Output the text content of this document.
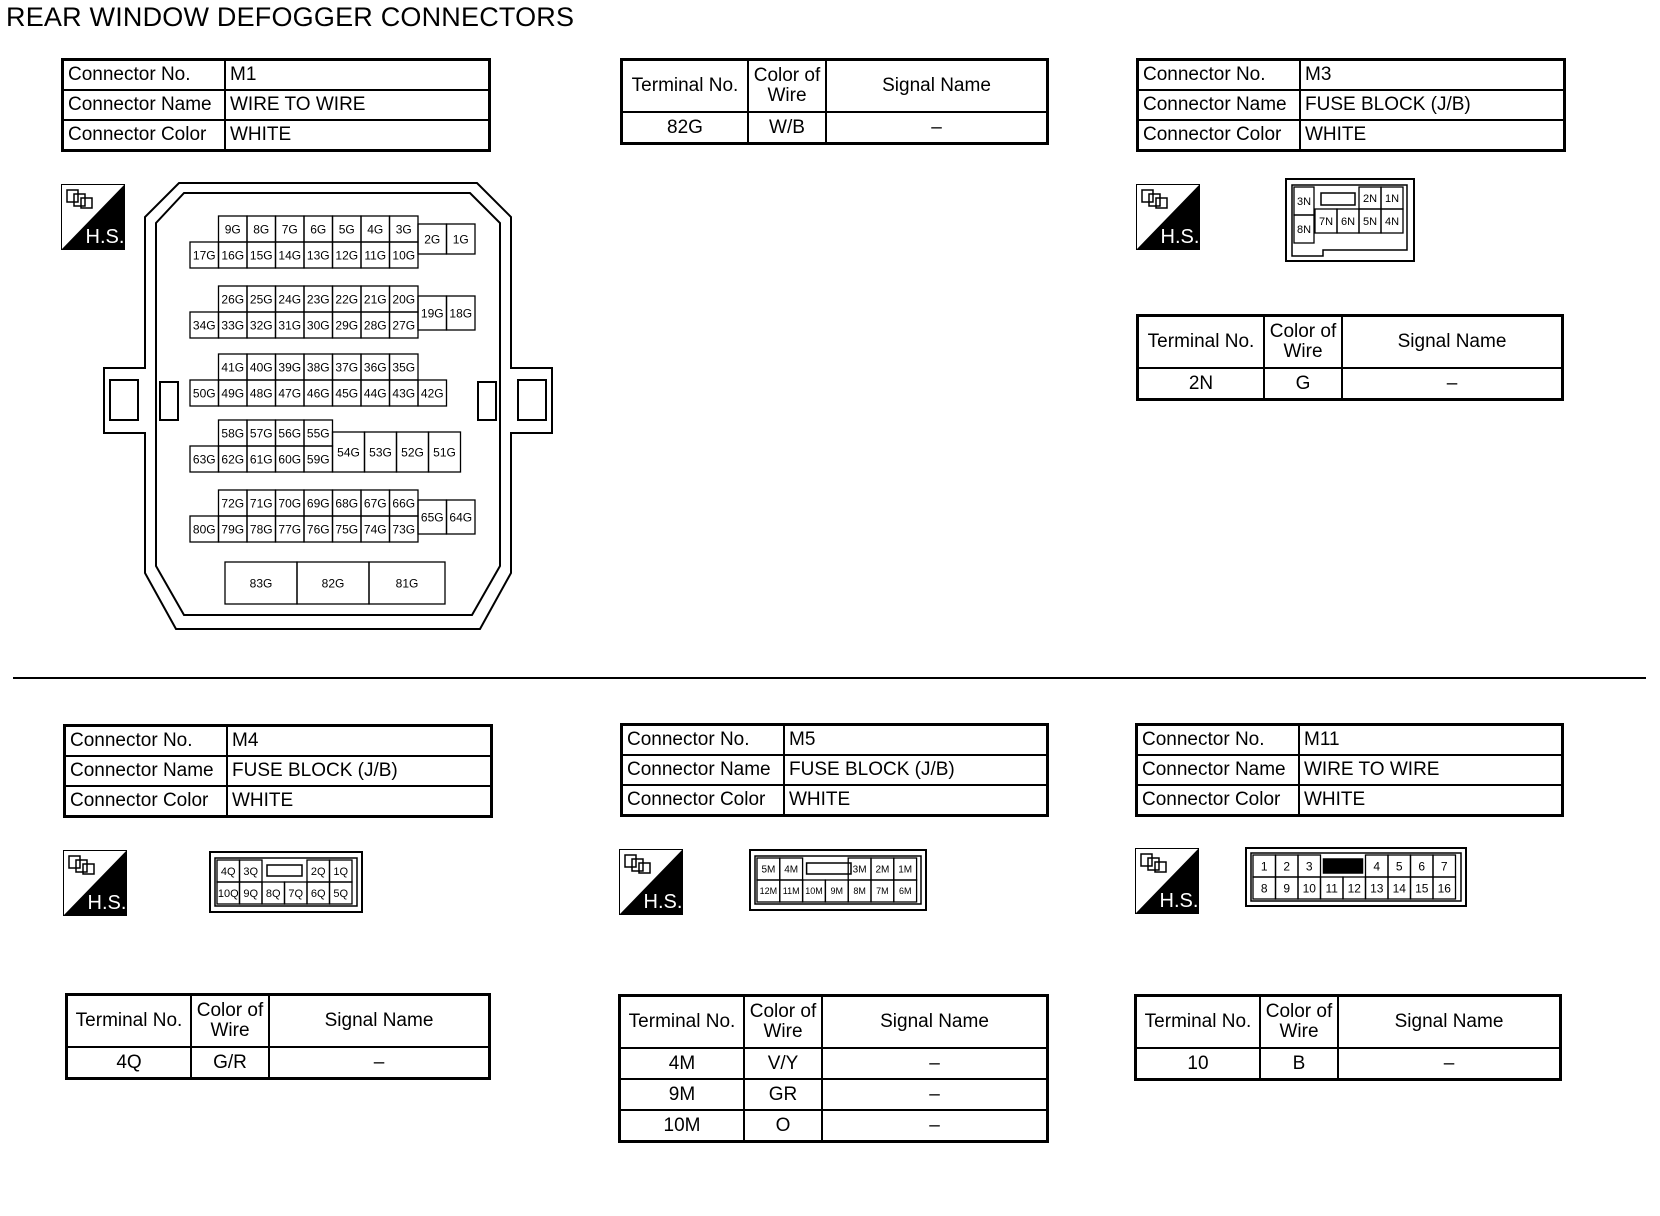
REAR WINDOW DEFOGGER CONNECTORS
Connector No.	M1
Connector Name	WIRE TO WIRE
Connector Color	WHITE
Terminal No.	Color of Wire	Signal Name
82G	W/B	–
H.S.	9G 8G 7G 6G 5G 4G 3G
17G 16G 15G 14G 13G 12G 11G 10G
2G 1G
26G 25G 24G 23G 22G 21G 20G
34G 33G 32G 31G 30G 29G 28G 27G
19G 18G
41G 40G 39G 38G 37G 36G 35G
50G 49G 48G 47G 46G 45G 44G 43G 42G
58G 57G 56G 55G
63G 62G 61G 60G 59G 54G 53G 52G 51G
72G 71G 70G 69G 68G 67G 66G
80G 79G 78G 77G 76G 75G 74G 73G
65G 64G
83G	82G	81G
Connector No.	M3
Connector Name	FUSE BLOCK (J/B)
Connector Color	WHITE
H.S.
3N	2N 1N
8N
7N 6N 5N 4N
Terminal No.	Color of Wire	Signal Name
2N	G	–
Connector No.	M4
Connector Name	FUSE BLOCK (J/B)
Connector Color	WHITE
H.S.
4Q 3Q	2Q 1Q
10Q 9Q 8Q 7Q 6Q 5Q
Terminal No.	Color of Wire	Signal Name
4Q	G/R	–
Connector No.	M5
Connector Name	FUSE BLOCK (J/B)
Connector Color	WHITE
H.S.
5M 4M	3M 2M 1M
12M 11M 10M 9M 8M 7M 6M
Terminal No.	Color of Wire	Signal Name
4M	V/Y	–
9M	GR	–
10M	O	–
Connector No.	M11
Connector Name	WIRE TO WIRE
Connector Color	WHITE
H.S.
1 2 3	4 5 6 7
8 9 10 11 12 13 14 15 16
Terminal No.	Color of Wire	Signal Name
10	B	–
